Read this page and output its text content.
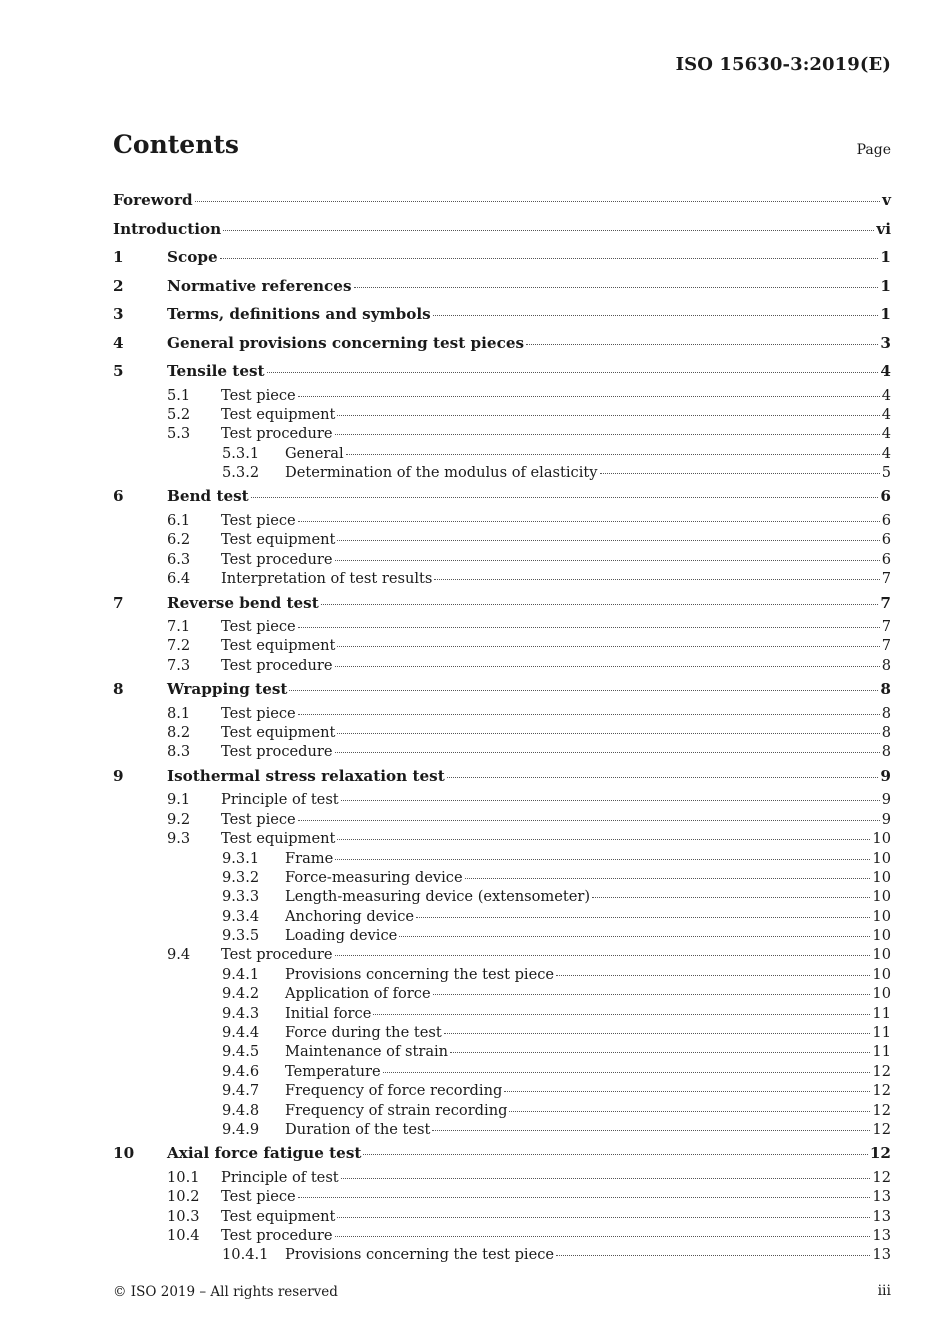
ISO 15630-3:2019(E)
Contents	Page
Foreword	v
Introduction	vi
1	Scope	1
2	Normative references	1
3	Terms, definitions and symbols	1
4	General provisions concerning test pieces	3
5	Tensile test	4
5.1	Test piece	4
5.2	Test equipment	4
5.3	Test procedure	4
5.3.1	General	4
5.3.2	Determination of the modulus of elasticity	5
6	Bend test	6
6.1	Test piece	6
6.2	Test equipment	6
6.3	Test procedure	6
6.4	Interpretation of test results	7
7	Reverse bend test	7
7.1	Test piece	7
7.2	Test equipment	7
7.3	Test procedure	8
8	Wrapping test	8
8.1	Test piece	8
8.2	Test equipment	8
8.3	Test procedure	8
9	Isothermal stress relaxation test	9
9.1	Principle of test	9
9.2	Test piece	9
9.3	Test equipment	10
9.3.1	Frame	10
9.3.2	Force-measuring device	10
9.3.3	Length-measuring device (extensometer)	10
9.3.4	Anchoring device	10
9.3.5	Loading device	10
9.4	Test procedure	10
9.4.1	Provisions concerning the test piece	10
9.4.2	Application of force	10
9.4.3	Initial force	11
9.4.4	Force during the test	11
9.4.5	Maintenance of strain	11
9.4.6	Temperature	12
9.4.7	Frequency of force recording	12
9.4.8	Frequency of strain recording	12
9.4.9	Duration of the test	12
10	Axial force fatigue test	12
10.1	Principle of test	12
10.2	Test piece	13
10.3	Test equipment	13
10.4	Test procedure	13
10.4.1	Provisions concerning the test piece	13
© ISO 2019 – All rights reserved	iii
